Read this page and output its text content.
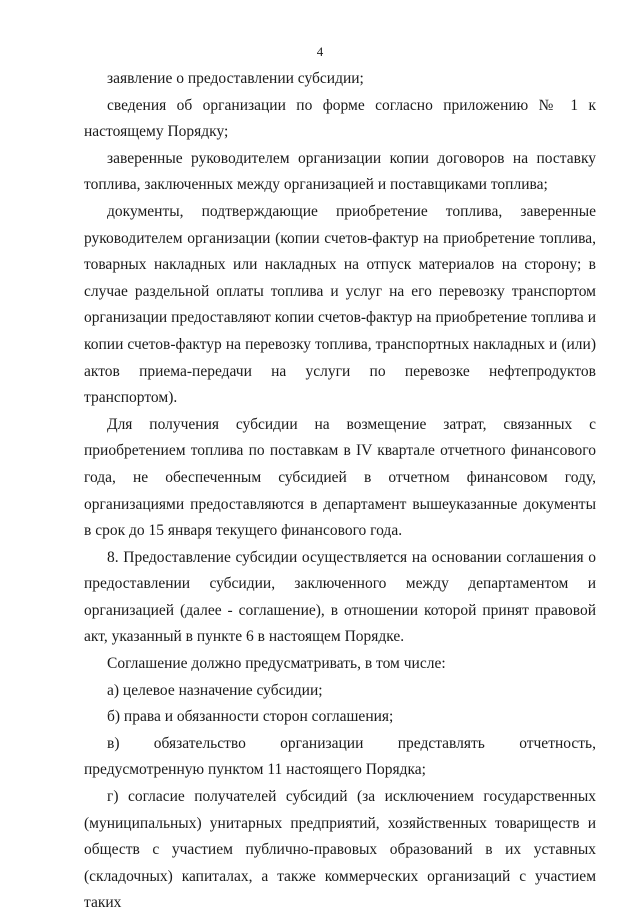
4

заявление о предоставлении субсидии;

сведения об организации по форме согласно приложению № 1 к настоящему Порядку;

заверенные руководителем организации копии договоров на поставку топлива, заключенных между организацией и поставщиками топлива;

документы, подтверждающие приобретение топлива, заверенные руководителем организации (копии счетов-фактур на приобретение топлива, товарных накладных или накладных на отпуск материалов на сторону; в случае раздельной оплаты топлива и услуг на его перевозку транспортом организации предоставляют копии счетов-фактур на приобретение топлива и копии счетов-фактур на перевозку топлива, транспортных накладных и (или) актов приема-передачи на услуги по перевозке нефтепродуктов транспортом).

Для получения субсидии на возмещение затрат, связанных с приобретением топлива по поставкам в IV квартале отчетного финансового года, не обеспеченным субсидией в отчетном финансовом году, организациями предоставляются в департамент вышеуказанные документы в срок до 15 января текущего финансового года.

8. Предоставление субсидии осуществляется на основании соглашения о предоставлении субсидии, заключенного между департаментом и организацией (далее - соглашение), в отношении которой принят правовой акт, указанный в пункте 6 в настоящем Порядке.

Соглашение должно предусматривать, в том числе:

а) целевое назначение субсидии;

б) права и обязанности сторон соглашения;

в) обязательство организации представлять отчетность, предусмотренную пунктом 11 настоящего Порядка;

г) согласие получателей субсидий (за исключением государственных (муниципальных) унитарных предприятий, хозяйственных товариществ и обществ с участием публично-правовых образований в их уставных (складочных) капиталах, а также коммерческих организаций с участием таких
